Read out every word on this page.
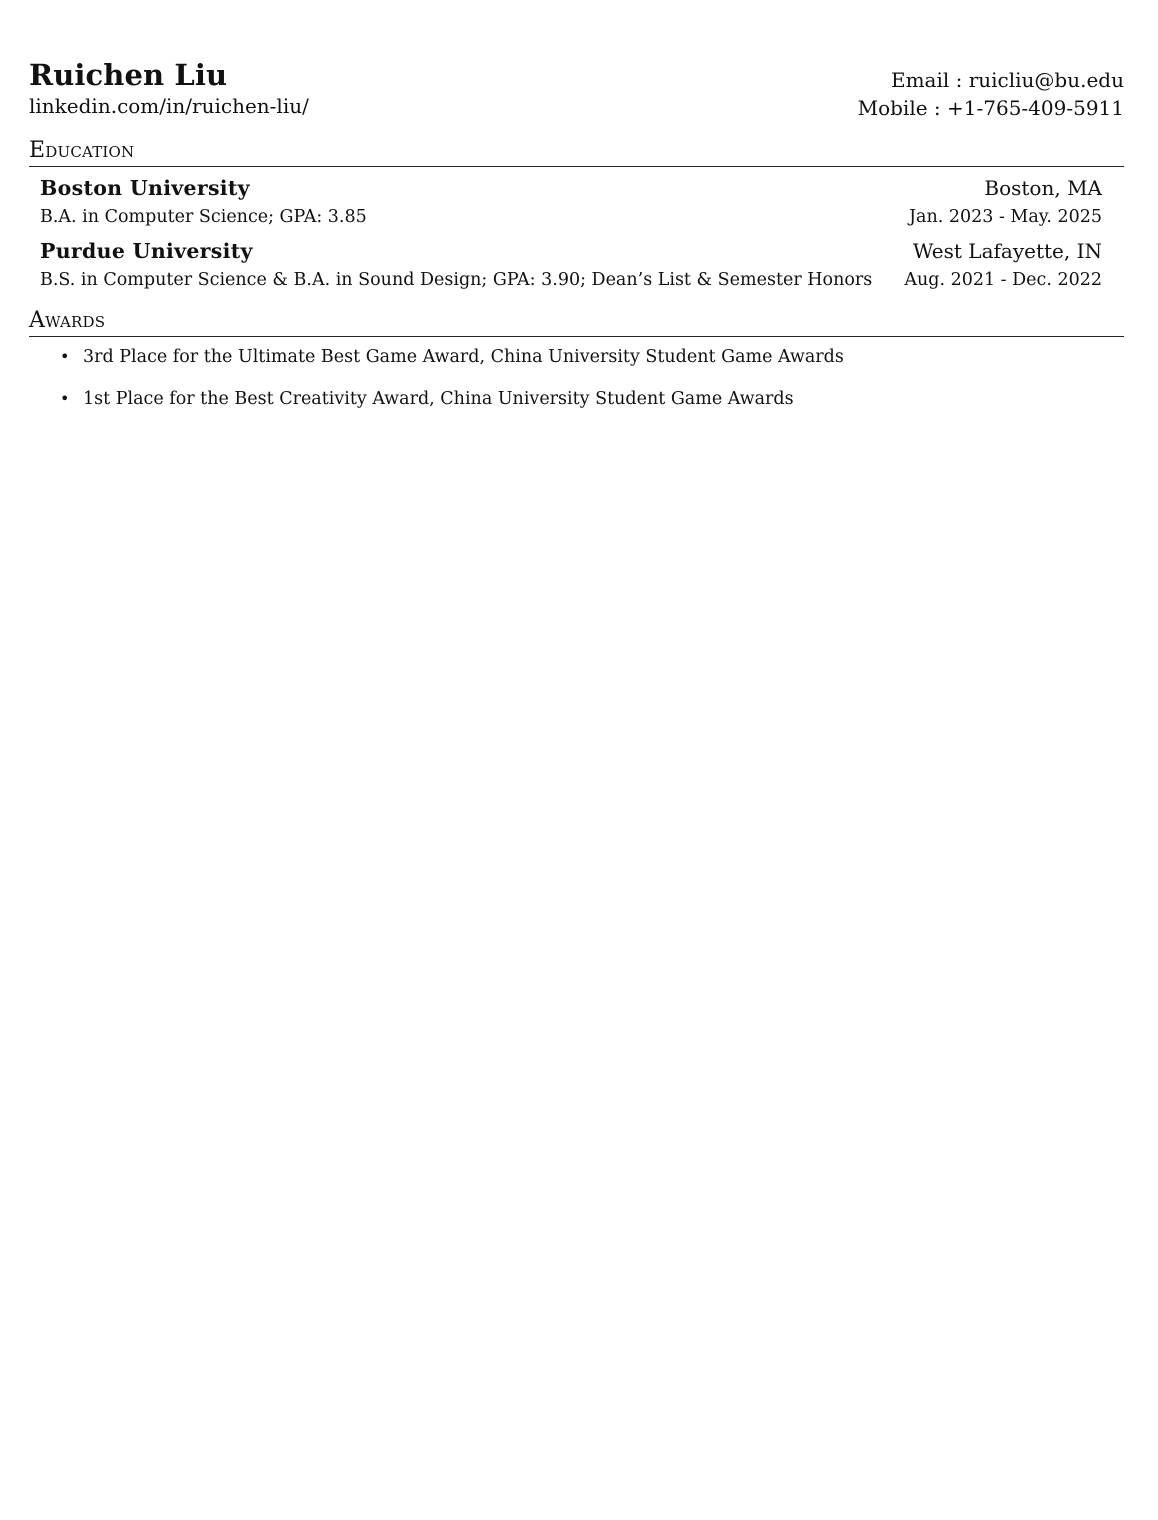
Ruichen Liu
linkedin.com/in/ruichen-liu/
Email : ruicliu@bu.edu
Mobile : +1-765-409-5911
Education
Boston University	Boston, MA
B.A. in Computer Science; GPA: 3.85	Jan. 2023 - May. 2025
Purdue University	West Lafayette, IN
B.S. in Computer Science & B.A. in Sound Design; GPA: 3.90; Dean’s List & Semester Honors Aug. 2021 - Dec. 2022
Awards
• 3rd Place for the Ultimate Best Game Award, China University Student Game Awards
• 1st Place for the Best Creativity Award, China University Student Game Awards
